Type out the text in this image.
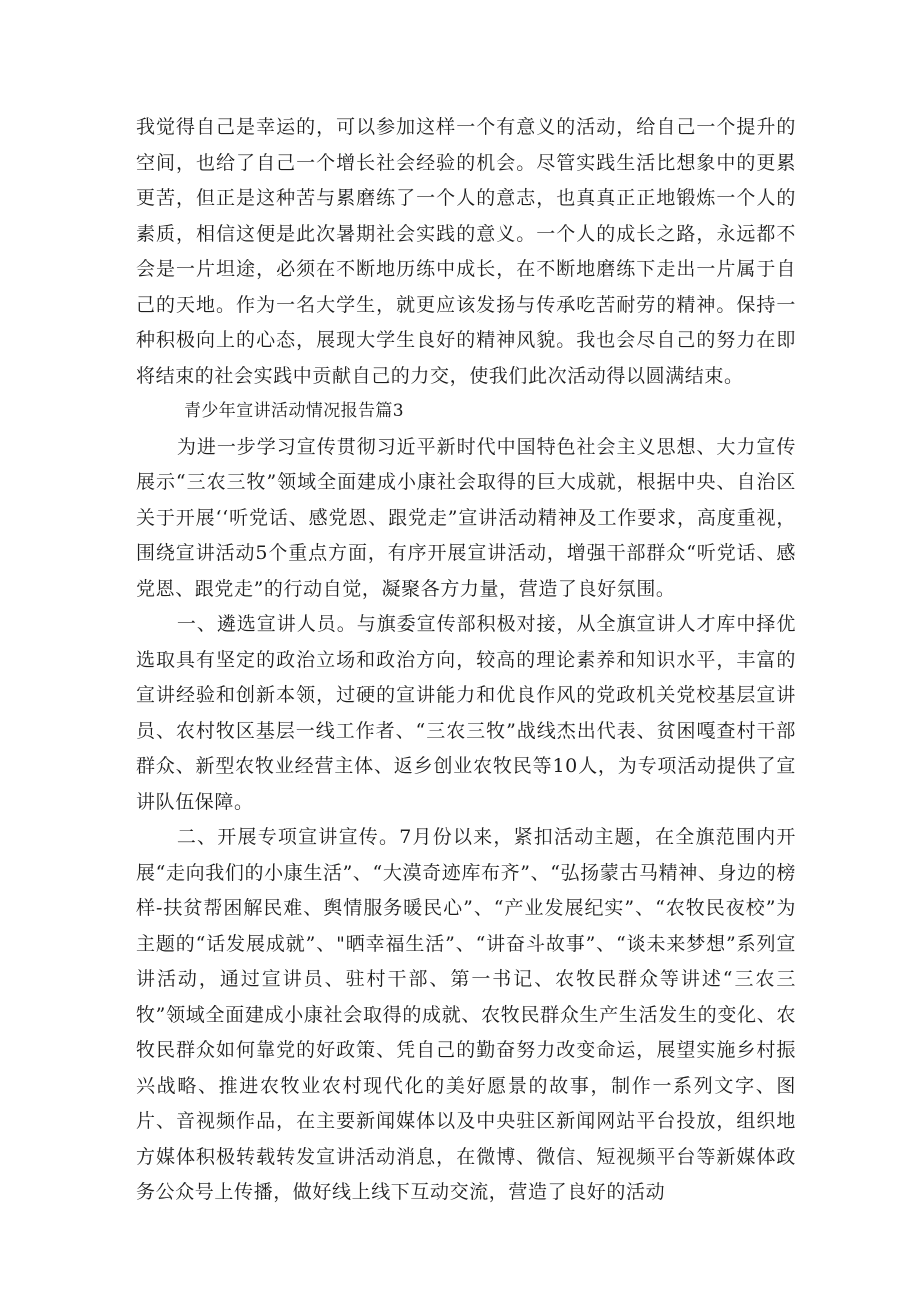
我觉得自己是幸运的，可以参加这样一个有意义的活动，给自己一个提升的空间，也给了自己一个增长社会经验的机会。尽管实践生活比想象中的更累更苦，但正是这种苦与累磨练了一个人的意志，也真真正正地锻炼一个人的素质，相信这便是此次暑期社会实践的意义。一个人的成长之路，永远都不会是一片坦途，必须在不断地历练中成长，在不断地磨练下走出一片属于自己的天地。作为一名大学生，就更应该发扬与传承吃苦耐劳的精神。保持一种积极向上的心态，展现大学生良好的精神风貌。我也会尽自己的努力在即将结束的社会实践中贡献自己的力交，使我们此次活动得以圆满结束。

青少年宣讲活动情况报告篇3

为进一步学习宣传贯彻习近平新时代中国特色社会主义思想、大力宣传展示“三农三牧”领域全面建成小康社会取得的巨大成就，根据中央、自治区关于开展‘‘听党话、感党恩、跟党走”宣讲活动精神及工作要求，高度重视，围绕宣讲活动5个重点方面，有序开展宣讲活动，增强干部群众“听党话、感党恩、跟党走”的行动自觉，凝聚各方力量，营造了良好氛围。

一、遴选宣讲人员。与旗委宣传部积极对接，从全旗宣讲人才库中择优选取具有坚定的政治立场和政治方向，较高的理论素养和知识水平，丰富的宣讲经验和创新本领，过硬的宣讲能力和优良作风的党政机关党校基层宣讲员、农村牧区基层一线工作者、“三农三牧”战线杰出代表、贫困嘎查村干部群众、新型农牧业经营主体、返乡创业农牧民等10人，为专项活动提供了宣讲队伍保障。

二、开展专项宣讲宣传。7月份以来，紧扣活动主题，在全旗范围内开展“走向我们的小康生活”、“大漠奇迹库布齐”、“弘扬蒙古马精神、身边的榜样-扶贫帮困解民难、舆情服务暖民心”、“产业发展纪实”、“农牧民夜校”为主题的“话发展成就”、"晒幸福生活”、“讲奋斗故事”、“谈未来梦想”系列宣讲活动，通过宣讲员、驻村干部、第一书记、农牧民群众等讲述“三农三牧”领域全面建成小康社会取得的成就、农牧民群众生产生活发生的变化、农牧民群众如何靠党的好政策、凭自己的勤奋努力改变命运，展望实施乡村振兴战略、推进农牧业农村现代化的美好愿景的故事，制作一系列文字、图片、音视频作品，在主要新闻媒体以及中央驻区新闻网站平台投放，组织地方媒体积极转载转发宣讲活动消息，在微博、微信、短视频平台等新媒体政务公众号上传播，做好线上线下互动交流，营造了良好的活动
